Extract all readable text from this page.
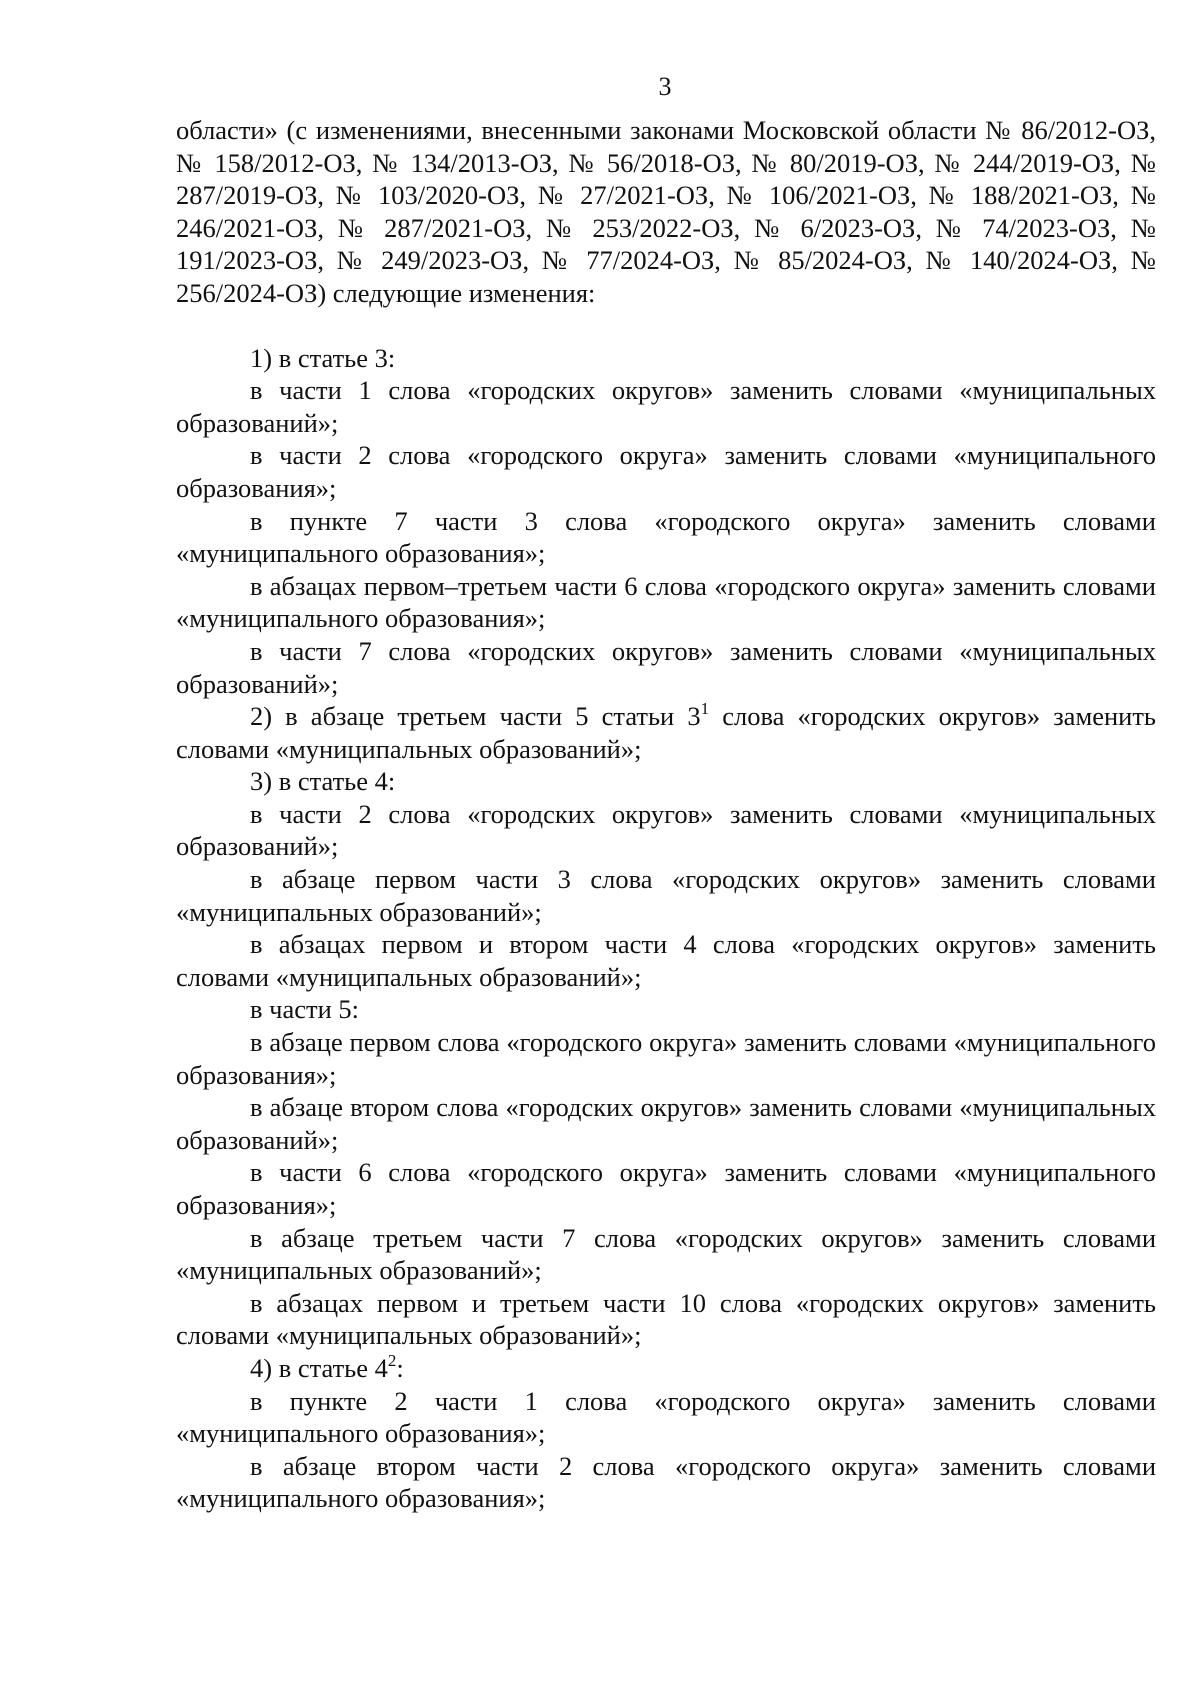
3

области» (с изменениями, внесенными законами Московской области № 86/2012-ОЗ, № 158/2012-ОЗ, № 134/2013-ОЗ, № 56/2018-ОЗ, № 80/2019-ОЗ, № 244/2019-ОЗ, № 287/2019-ОЗ, № 103/2020-ОЗ, № 27/2021-ОЗ, № 106/2021-ОЗ, № 188/2021-ОЗ, № 246/2021-ОЗ, № 287/2021-ОЗ, № 253/2022-ОЗ, № 6/2023-ОЗ, № 74/2023-ОЗ, № 191/2023-ОЗ, № 249/2023-ОЗ, № 77/2024-ОЗ, № 85/2024-ОЗ, № 140/2024-ОЗ, № 256/2024-ОЗ) следующие изменения:

1) в статье 3:

в части 1 слова «городских округов» заменить словами «муниципальных образований»;

в части 2 слова «городского округа» заменить словами «муниципального образования»;

в пункте 7 части 3 слова «городского округа» заменить словами «муниципального образования»;

в абзацах первом–третьем части 6 слова «городского округа» заменить словами «муниципального образования»;

в части 7 слова «городских округов» заменить словами «муниципальных образований»;

2) в абзаце третьем части 5 статьи $3^1$ слова «городских округов» заменить словами «муниципальных образований»;

3) в статье 4:

в части 2 слова «городских округов» заменить словами «муниципальных образований»;

в абзаце первом части 3 слова «городских округов» заменить словами «муниципальных образований»;

в абзацах первом и втором части 4 слова «городских округов» заменить словами «муниципальных образований»;

в части 5:

в абзаце первом слова «городского округа» заменить словами «муниципального образования»;

в абзаце втором слова «городских округов» заменить словами «муниципальных образований»;

в части 6 слова «городского округа» заменить словами «муниципального образования»;

в абзаце третьем части 7 слова «городских округов» заменить словами «муниципальных образований»;

в абзацах первом и третьем части 10 слова «городских округов» заменить словами «муниципальных образований»;

4) в статье $4^2$:

в пункте 2 части 1 слова «городского округа» заменить словами «муниципального образования»;

в абзаце втором части 2 слова «городского округа» заменить словами «муниципального образования»;
